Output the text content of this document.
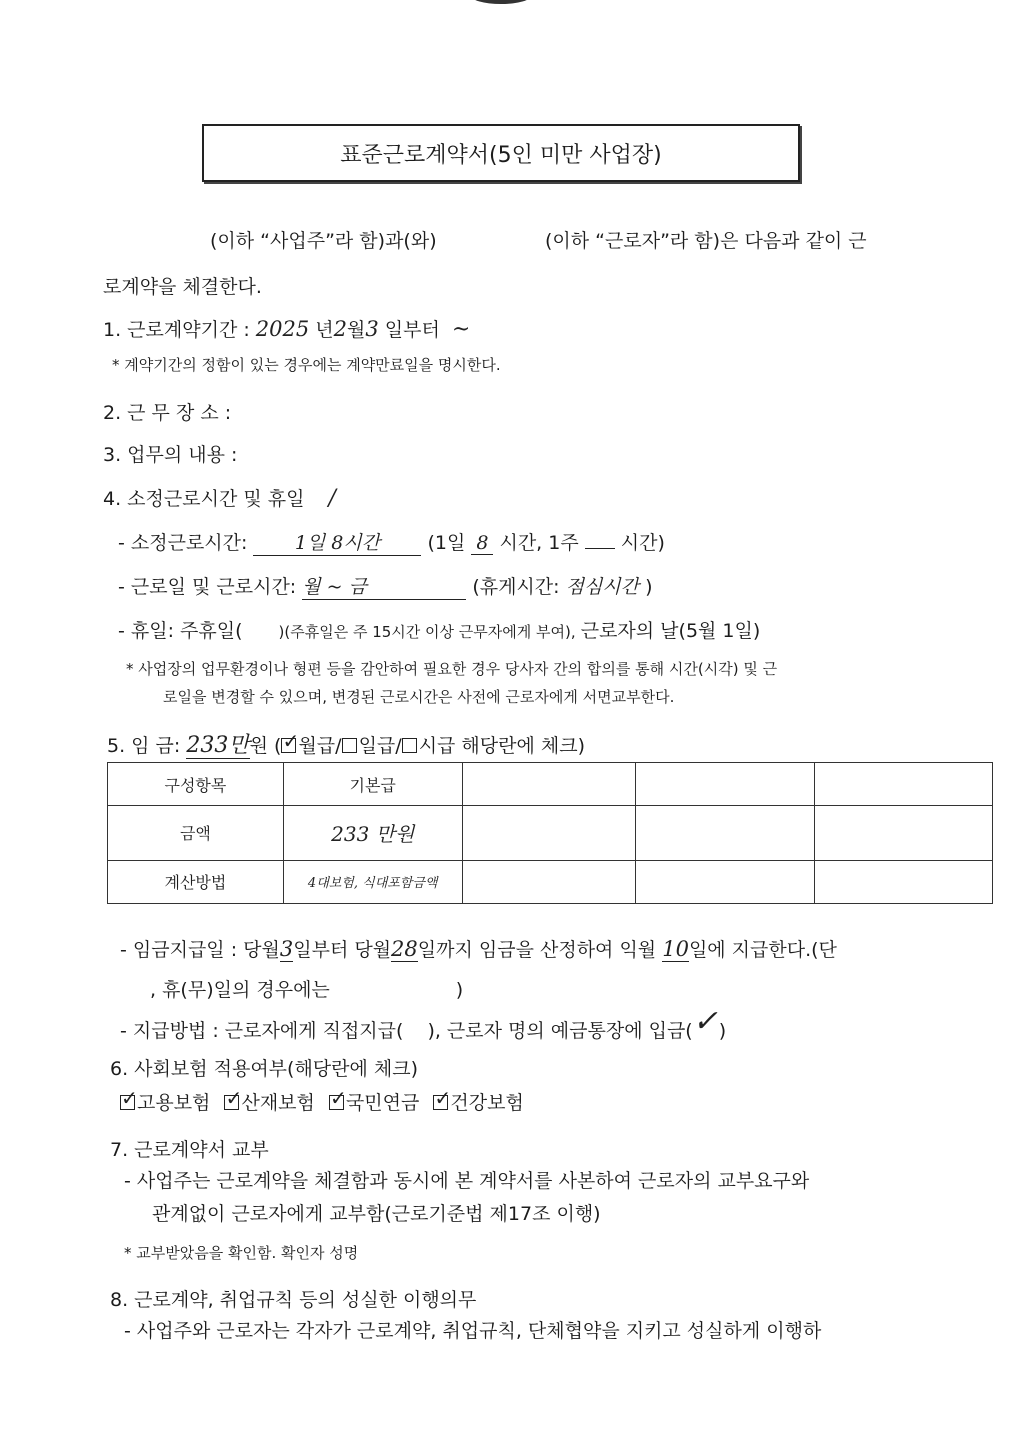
표준근로계약서(5인 미만 사업장)
(이하 “사업주”라 함)과(와)	(이하 “근로자”라 함)은 다음과 같이 근
로계약을 체결한다.
1. 근로계약기간 : 2025 년2월3 일부터 ~
* 계약기간의 정함이 있는 경우에는 계약만료일을 명시한다.
2. 근 무 장 소 :
3. 업무의 내용 :
4. 소정근로시간 및 휴일 /
- 소정근로시간: 1일 8시간 (1일 8 시간, 1주 시간)
- 근로일 및 근로시간: 월 ~ 금	(휴게시간: 점심시간 )
- 휴일: 주휴일( )(주휴일은 주 15시간 이상 근무자에게 부여), 근로자의 날(5월 1일)
* 사업장의 업무환경이나 형편 등을 감안하여 필요한 경우 당사자 간의 합의를 통해 시간(시각) 및 근
로일을 변경할 수 있으며, 변경된 근로시간은 사전에 근로자에게 서면교부한다.
5. 임 금: 233만원 ( ✓ 월급/ 일급/ 시급 해당란에 체크)
구성항목	기본급			
금액	233 만원			
계산방법	4대보험, 식대포함금액			
- 임금지급일 : 당월3일부터 당월28일까지 임금을 산정하여 익월 10일에 지급한다.(단
, 휴(무)일의 경우에는	)
- 지급방법 : 근로자에게 직접지급( ), 근로자 명의 예금통장에 입금(✓)
6. 사회보험 적용여부(해당란에 체크)
✓ 고용보험 ✓ 산재보험 ✓ 국민연금 ✓ 건강보험
7. 근로계약서 교부
- 사업주는 근로계약을 체결함과 동시에 본 계약서를 사본하여 근로자의 교부요구와
관계없이 근로자에게 교부함(근로기준법 제17조 이행)
* 교부받았음을 확인함. 확인자 성명
8. 근로계약, 취업규칙 등의 성실한 이행의무
- 사업주와 근로자는 각자가 근로계약, 취업규칙, 단체협약을 지키고 성실하게 이행하
